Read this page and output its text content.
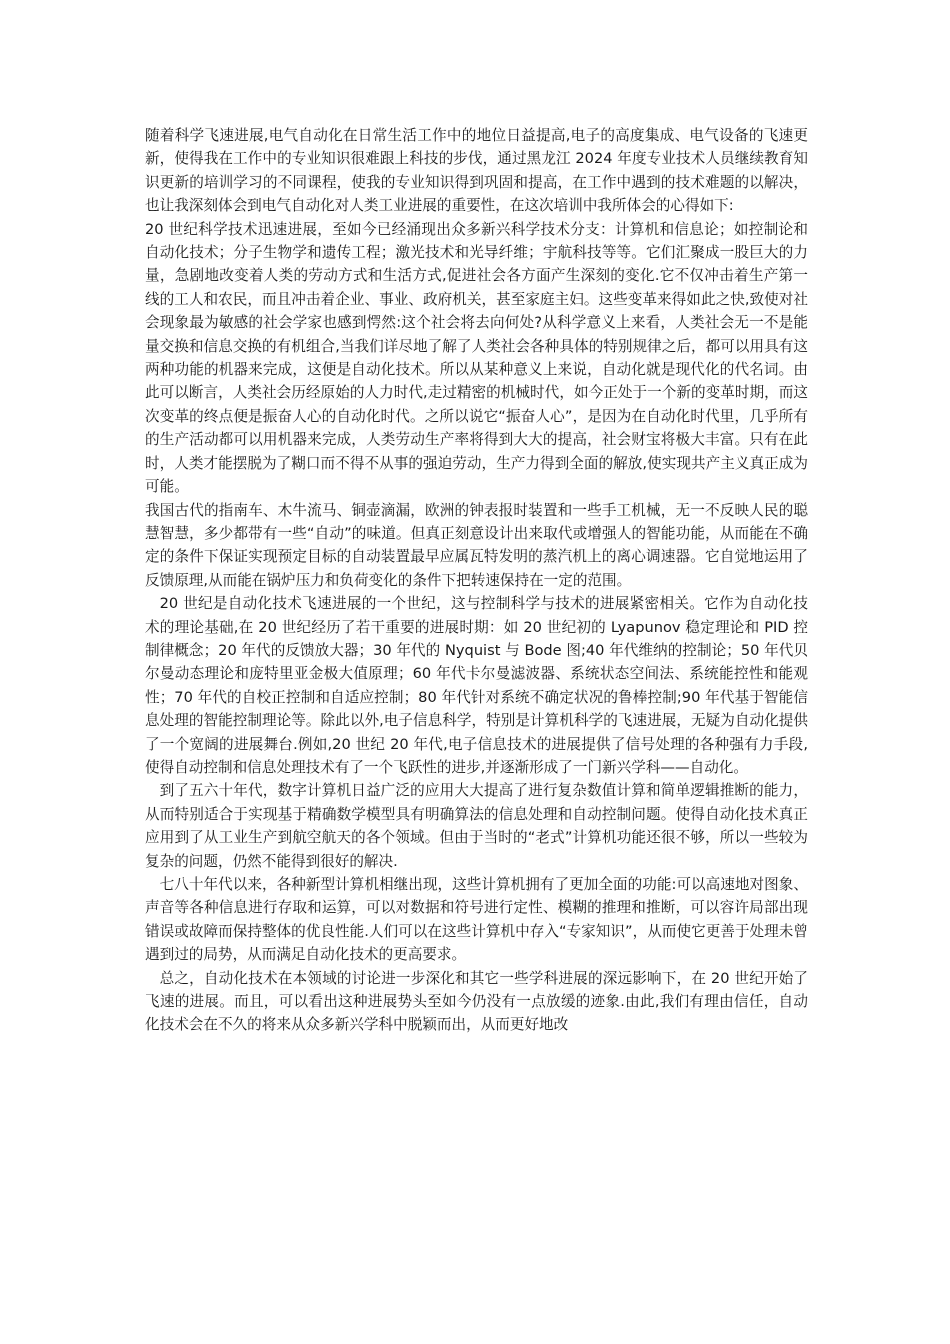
随着科学飞速进展,电气自动化在日常生活工作中的地位日益提高,电子的高度集成、电气设备的飞速更新，使得我在工作中的专业知识很难跟上科技的步伐，通过黑龙江 2024 年度专业技术人员继续教育知识更新的培训学习的不同课程，使我的专业知识得到巩固和提高，在工作中遇到的技术难题的以解决，也让我深刻体会到电气自动化对人类工业进展的重要性，在这次培训中我所体会的心得如下:

20 世纪科学技术迅速进展，至如今已经涌现出众多新兴科学技术分支：计算机和信息论；如控制论和自动化技术；分子生物学和遗传工程；激光技术和光导纤维；宇航科技等等。它们汇聚成一股巨大的力量，急剧地改变着人类的劳动方式和生活方式,促进社会各方面产生深刻的变化.它不仅冲击着生产第一线的工人和农民，而且冲击着企业、事业、政府机关，甚至家庭主妇。这些变革来得如此之快,致使对社会现象最为敏感的社会学家也感到愕然:这个社会将去向何处?从科学意义上来看，人类社会无一不是能量交换和信息交换的有机组合,当我们详尽地了解了人类社会各种具体的特别规律之后，都可以用具有这两种功能的机器来完成，这便是自动化技术。所以从某种意义上来说，自动化就是现代化的代名词。由此可以断言，人类社会历经原始的人力时代,走过精密的机械时代，如今正处于一个新的变革时期，而这次变革的终点便是振奋人心的自动化时代。之所以说它“振奋人心”，是因为在自动化时代里，几乎所有的生产活动都可以用机器来完成，人类劳动生产率将得到大大的提高，社会财宝将极大丰富。只有在此时，人类才能摆脱为了糊口而不得不从事的强迫劳动，生产力得到全面的解放,使实现共产主义真正成为可能。

我国古代的指南车、木牛流马、铜壶滴漏，欧洲的钟表报时装置和一些手工机械，无一不反映人民的聪慧智慧，多少都带有一些“自动”的味道。但真正刻意设计出来取代或增强人的智能功能，从而能在不确定的条件下保证实现预定目标的自动装置最早应属瓦特发明的蒸汽机上的离心调速器。它自觉地运用了反馈原理,从而能在锅炉压力和负荷变化的条件下把转速保持在一定的范围。

20 世纪是自动化技术飞速进展的一个世纪，这与控制科学与技术的进展紧密相关。它作为自动化技术的理论基础,在 20 世纪经历了若干重要的进展时期：如 20 世纪初的 Lyapunov 稳定理论和 PID 控制律概念；20 年代的反馈放大器；30 年代的 Nyquist 与 Bode 图;40 年代维纳的控制论；50 年代贝尔曼动态理论和庞特里亚金极大值原理；60 年代卡尔曼滤波器、系统状态空间法、系统能控性和能观性；70 年代的自校正控制和自适应控制；80 年代针对系统不确定状况的鲁棒控制;90 年代基于智能信息处理的智能控制理论等。除此以外,电子信息科学，特别是计算机科学的飞速进展，无疑为自动化提供了一个宽阔的进展舞台.例如,20 世纪 20 年代,电子信息技术的进展提供了信号处理的各种强有力手段,使得自动控制和信息处理技术有了一个飞跃性的进步,并逐渐形成了一门新兴学科——自动化。

到了五六十年代，数字计算机日益广泛的应用大大提高了进行复杂数值计算和简单逻辑推断的能力，从而特别适合于实现基于精确数学模型具有明确算法的信息处理和自动控制问题。使得自动化技术真正应用到了从工业生产到航空航天的各个领域。但由于当时的“老式”计算机功能还很不够，所以一些较为复杂的问题，仍然不能得到很好的解决.

七八十年代以来，各种新型计算机相继出现，这些计算机拥有了更加全面的功能:可以高速地对图象、声音等各种信息进行存取和运算，可以对数据和符号进行定性、模糊的推理和推断，可以容许局部出现错误或故障而保持整体的优良性能.人们可以在这些计算机中存入“专家知识”，从而使它更善于处理未曾遇到过的局势，从而满足自动化技术的更高要求。

总之，自动化技术在本领域的讨论进一步深化和其它一些学科进展的深远影响下，在 20 世纪开始了飞速的进展。而且，可以看出这种进展势头至如今仍没有一点放缓的迹象.由此,我们有理由信任，自动化技术会在不久的将来从众多新兴学科中脱颖而出，从而更好地改
